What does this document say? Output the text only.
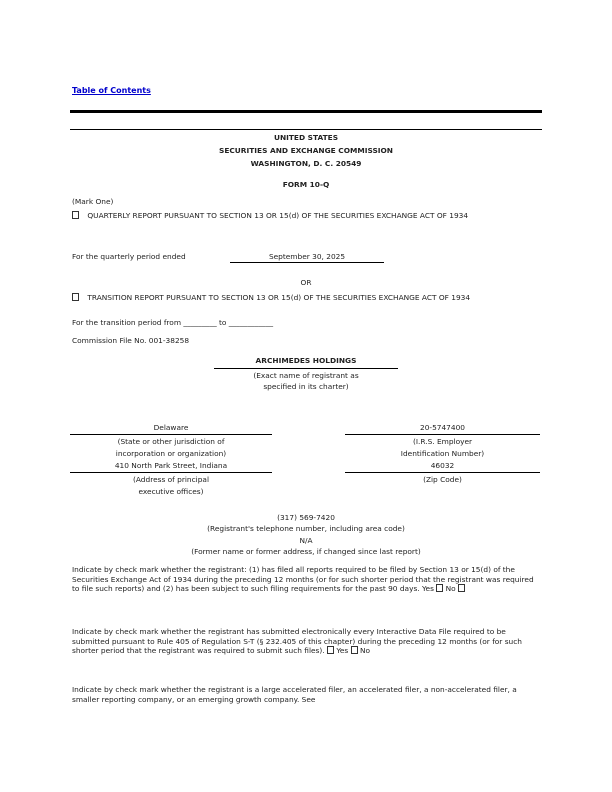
Table of Contents
UNITED STATES
SECURITIES AND EXCHANGE COMMISSION
WASHINGTON, D. C. 20549
FORM 10-Q
(Mark One)
QUARTERLY REPORT PURSUANT TO SECTION 13 OR 15(d) OF THE SECURITIES EXCHANGE ACT OF 1934
For the quarterly period ended	September 30, 2025
OR
TRANSITION REPORT PURSUANT TO SECTION 13 OR 15(d) OF THE SECURITIES EXCHANGE ACT OF 1934
For the transition period from _________ to ____________
Commission File No. 001-38258
ARCHIMEDES HOLDINGS
(Exact name of registrant as
specified in its charter)
Delaware
(State or other jurisdiction of
incorporation or organization)
410 North Park Street, Indiana
(Address of principal
executive offices)
20-5747400
(I.R.S. Employer
Identification Number)
46032
(Zip Code)
(317) 569-7420
(Registrant's telephone number, including area code)
N/A
(Former name or former address, if changed since last report)
Indicate by check mark whether the registrant: (1) has filed all reports required to be filed by Section 13 or 15(d) of the Securities Exchange Act of 1934 during the preceding 12 months (or for such shorter period that the registrant was required to file such reports) and (2) has been subject to such filing requirements for the past 90 days. Yes No
Indicate by check mark whether the registrant has submitted electronically every Interactive Data File required to be submitted pursuant to Rule 405 of Regulation S-T (§ 232.405 of this chapter) during the preceding 12 months (or for such shorter period that the registrant was required to submit such files). Yes No
Indicate by check mark whether the registrant is a large accelerated filer, an accelerated filer, a non-accelerated filer, a smaller reporting company, or an emerging growth company. See
